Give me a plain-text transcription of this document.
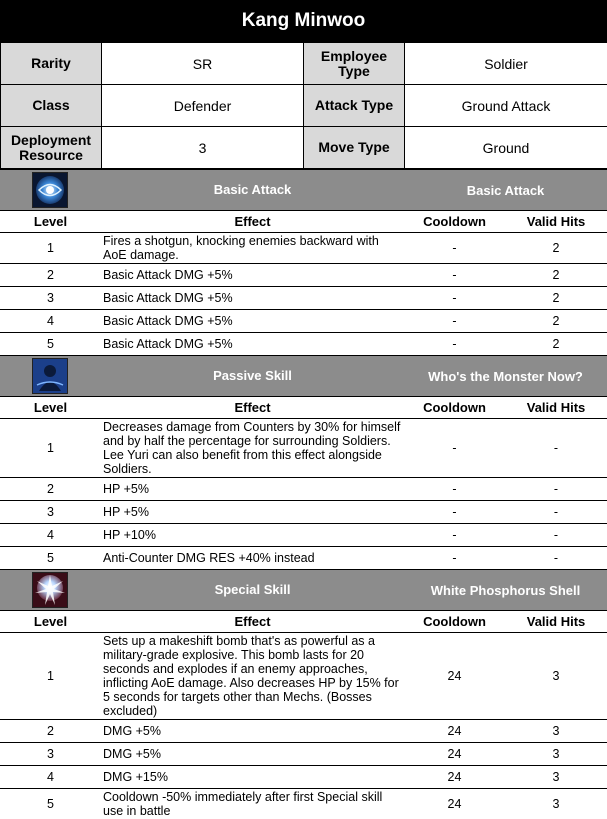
Kang Minwoo
Rarity	SR	Employee Type	Soldier
Class	Defender	Attack Type	Ground Attack
Deployment Resource	3	Move Type	Ground
	Basic Attack	Basic Attack	
Level	Effect	Cooldown	Valid Hits
1	Fires a shotgun, knocking enemies backward with AoE damage.	-	2
2	Basic Attack DMG +5%	-	2
3	Basic Attack DMG +5%	-	2
4	Basic Attack DMG +5%	-	2
5	Basic Attack DMG +5%	-	2

	Passive Skill	Who's the Monster Now?	
Level	Effect	Cooldown	Valid Hits
1	Decreases damage from Counters by 30% for himself and by half the percentage for surrounding Soldiers. Lee Yuri can also benefit from this effect alongside Soldiers.	-	-
2	HP +5%	-	-
3	HP +5%	-	-
4	HP +10%	-	-
5	Anti-Counter DMG RES +40% instead	-	-

	Special Skill	White Phosphorus Shell	
Level	Effect	Cooldown	Valid Hits
1	Sets up a makeshift bomb that's as powerful as a military-grade explosive. This bomb lasts for 20 seconds and explodes if an enemy approaches, inflicting AoE damage. Also decreases HP by 15% for 5 seconds for targets other than Mechs. (Bosses excluded)	24	3
2	DMG +5%	24	3
3	DMG +5%	24	3
4	DMG +15%	24	3
5	Cooldown -50% immediately after first Special skill use in battle	24	3
